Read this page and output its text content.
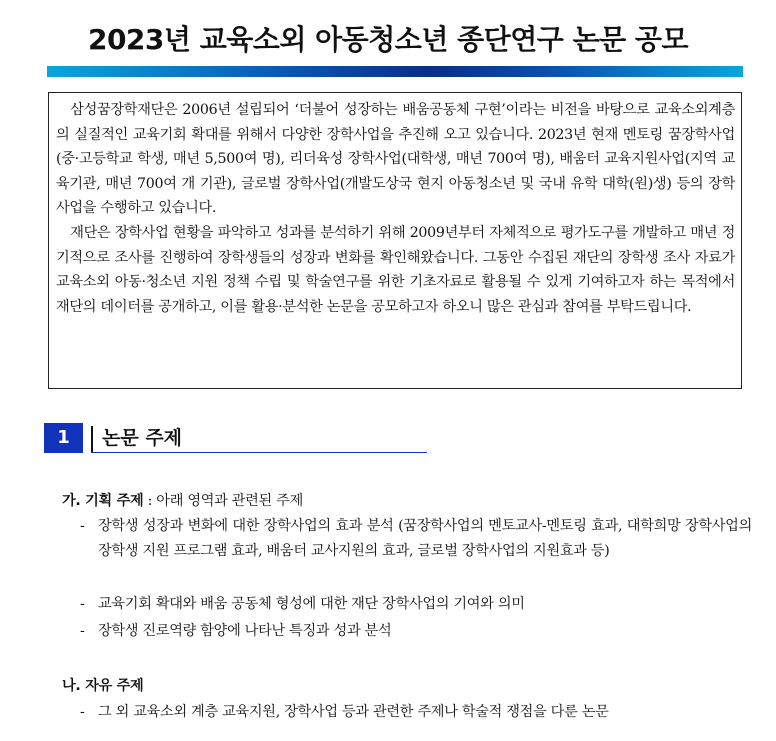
2023년 교육소외 아동청소년 종단연구 논문 공모

삼성꿈장학재단은 2006년 설립되어 ‘더불어 성장하는 배움공동체 구현’이라는 비전을 바탕으로 교육소외계층의 실질적인 교육기회 확대를 위해서 다양한 장학사업을 추진해 오고 있습니다. 2023년 현재 멘토링 꿈장학사업(중·고등학교 학생, 매년 5,500여 명), 리더육성 장학사업(대학생, 매년 700여 명), 배움터 교육지원사업(지역 교육기관, 매년 700여 개 기관), 글로벌 장학사업(개발도상국 현지 아동청소년 및 국내 유학 대학(원)생) 등의 장학사업을 수행하고 있습니다.

재단은 장학사업 현황을 파악하고 성과를 분석하기 위해 2009년부터 자체적으로 평가도구를 개발하고 매년 정기적으로 조사를 진행하여 장학생들의 성장과 변화를 확인해왔습니다. 그동안 수집된 재단의 장학생 조사 자료가 교육소외 아동·청소년 지원 정책 수립 및 학술연구를 위한 기초자료로 활용될 수 있게 기여하고자 하는 목적에서 재단의 데이터를 공개하고, 이를 활용·분석한 논문을 공모하고자 하오니 많은 관심과 참여를 부탁드립니다.

1	논문 주제
가. 기획 주제 : 아래 영역과 관련된 주제
- 장학생 성장과 변화에 대한 장학사업의 효과 분석 (꿈장학사업의 멘토교사-멘토링 효과, 대학희망 장학사업의 장학생 지원 프로그램 효과, 배움터 교사지원의 효과, 글로벌 장학사업의 지원효과 등)
- 교육기회 확대와 배움 공동체 형성에 대한 재단 장학사업의 기여와 의미
- 장학생 진로역량 함양에 나타난 특징과 성과 분석
나. 자유 주제
- 그 외 교육소외 계층 교육지원, 장학사업 등과 관련한 주제나 학술적 쟁점을 다룬 논문
